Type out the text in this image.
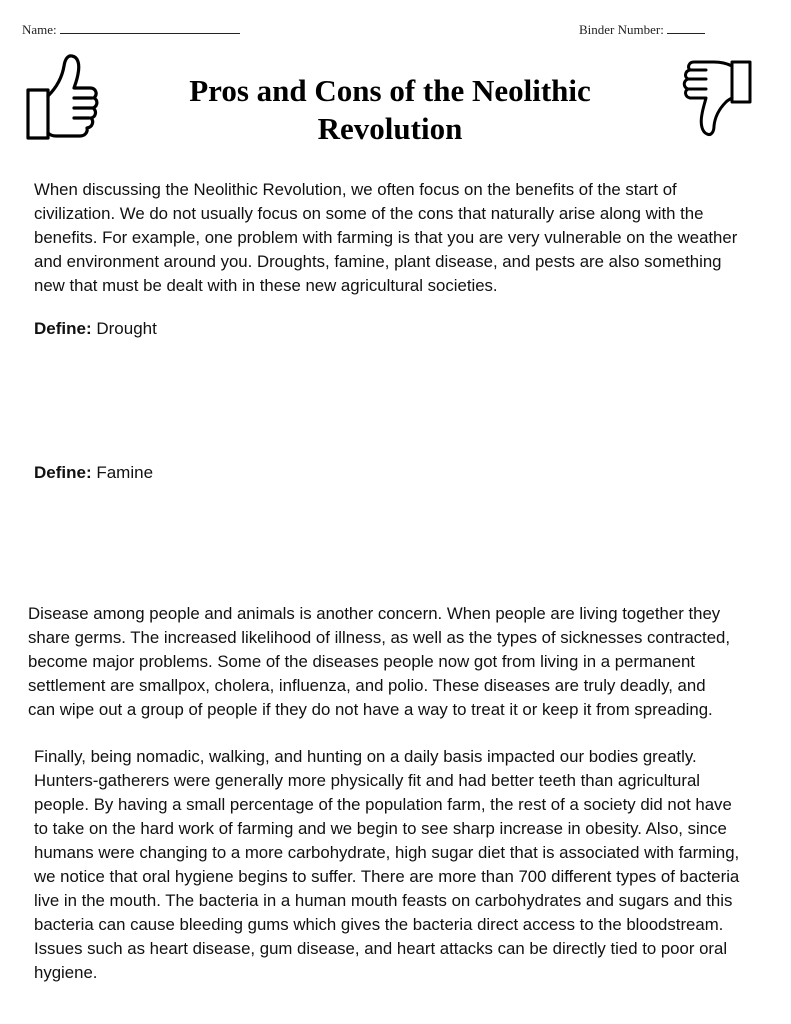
Name:	Binder Number:
Pros and Cons of the Neolithic
Revolution
When discussing the Neolithic Revolution, we often focus on the benefits of the start of
civilization. We do not usually focus on some of the cons that naturally arise along with the
benefits. For example, one problem with farming is that you are very vulnerable on the weather
and environment around you. Droughts, famine, plant disease, and pests are also something
new that must be dealt with in these new agricultural societies.
Define: Drought
Define: Famine
Disease among people and animals is another concern. When people are living together they
share germs. The increased likelihood of illness, as well as the types of sicknesses contracted,
become major problems. Some of the diseases people now got from living in a permanent
settlement are smallpox, cholera, influenza, and polio. These diseases are truly deadly, and
can wipe out a group of people if they do not have a way to treat it or keep it from spreading.
Finally, being nomadic, walking, and hunting on a daily basis impacted our bodies greatly.
Hunters-gatherers were generally more physically fit and had better teeth than agricultural
people. By having a small percentage of the population farm, the rest of a society did not have
to take on the hard work of farming and we begin to see sharp increase in obesity. Also, since
humans were changing to a more carbohydrate, high sugar diet that is associated with farming,
we notice that oral hygiene begins to suffer. There are more than 700 different types of bacteria
live in the mouth. The bacteria in a human mouth feasts on carbohydrates and sugars and this
bacteria can cause bleeding gums which gives the bacteria direct access to the bloodstream.
Issues such as heart disease, gum disease, and heart attacks can be directly tied to poor oral
hygiene.
